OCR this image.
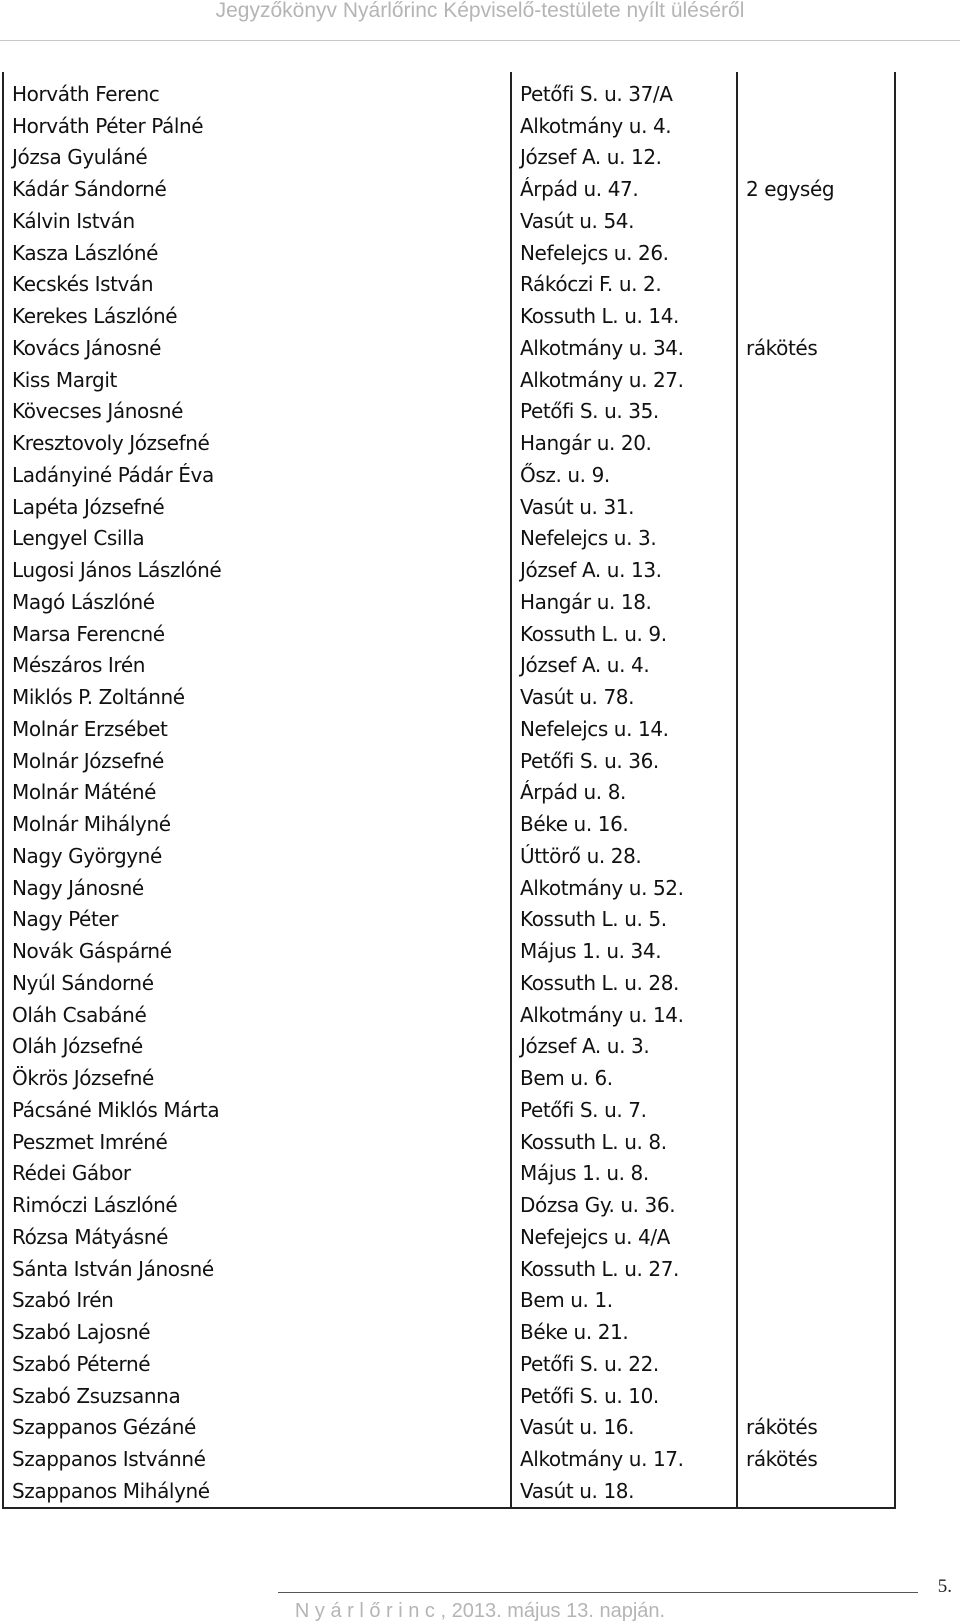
Jegyzőkönyv Nyárlőrinc Képviselő-testülete nyílt üléséről
Horváth Ferenc	Petőfi S. u. 37/A	
Horváth Péter Pálné	Alkotmány u. 4.	
Józsa Gyuláné	József A. u. 12.	
Kádár Sándorné	Árpád u. 47.	2 egység
Kálvin István	Vasút u. 54.	
Kasza Lászlóné	Nefelejcs u. 26.	
Kecskés István	Rákóczi F. u. 2.	
Kerekes Lászlóné	Kossuth L. u. 14.	
Kovács Jánosné	Alkotmány u. 34.	rákötés
Kiss Margit	Alkotmány u. 27.	
Kövecses Jánosné	Petőfi S. u. 35.	
Kresztovoly Józsefné	Hangár u. 20.	
Ladányiné Pádár Éva	Ősz. u. 9.	
Lapéta Józsefné	Vasút u. 31.	
Lengyel Csilla	Nefelejcs u. 3.	
Lugosi János Lászlóné	József A. u. 13.	
Magó Lászlóné	Hangár u. 18.	
Marsa Ferencné	Kossuth L. u. 9.	
Mészáros Irén	József A. u. 4.	
Miklós P. Zoltánné	Vasút u. 78.	
Molnár Erzsébet	Nefelejcs u. 14.	
Molnár Józsefné	Petőfi S. u. 36.	
Molnár Máténé	Árpád u. 8.	
Molnár Mihályné	Béke u. 16.	
Nagy Györgyné	Úttörő u. 28.	
Nagy Jánosné	Alkotmány u. 52.	
Nagy Péter	Kossuth L. u. 5.	
Novák Gáspárné	Május 1. u. 34.	
Nyúl Sándorné	Kossuth L. u. 28.	
Oláh Csabáné	Alkotmány u. 14.	
Oláh Józsefné	József A. u. 3.	
Ökrös Józsefné	Bem u. 6.	
Pácsáné Miklós Márta	Petőfi S. u. 7.	
Peszmet Imréné	Kossuth L. u. 8.	
Rédei Gábor	Május 1. u. 8.	
Rimóczi Lászlóné	Dózsa Gy. u. 36.	
Rózsa Mátyásné	Nefejejcs u. 4/A	
Sánta István Jánosné	Kossuth L. u. 27.	
Szabó Irén	Bem u. 1.	
Szabó Lajosné	Béke u. 21.	
Szabó Péterné	Petőfi S. u. 22.	
Szabó Zsuzsanna	Petőfi S. u. 10.	
Szappanos Gézáné	Vasút u. 16.	rákötés
Szappanos Istvánné	Alkotmány u. 17.	rákötés
Szappanos Mihályné	Vasút u. 18.	
5.
N y á r l ő r i n c , 2013. május 13. napján.
